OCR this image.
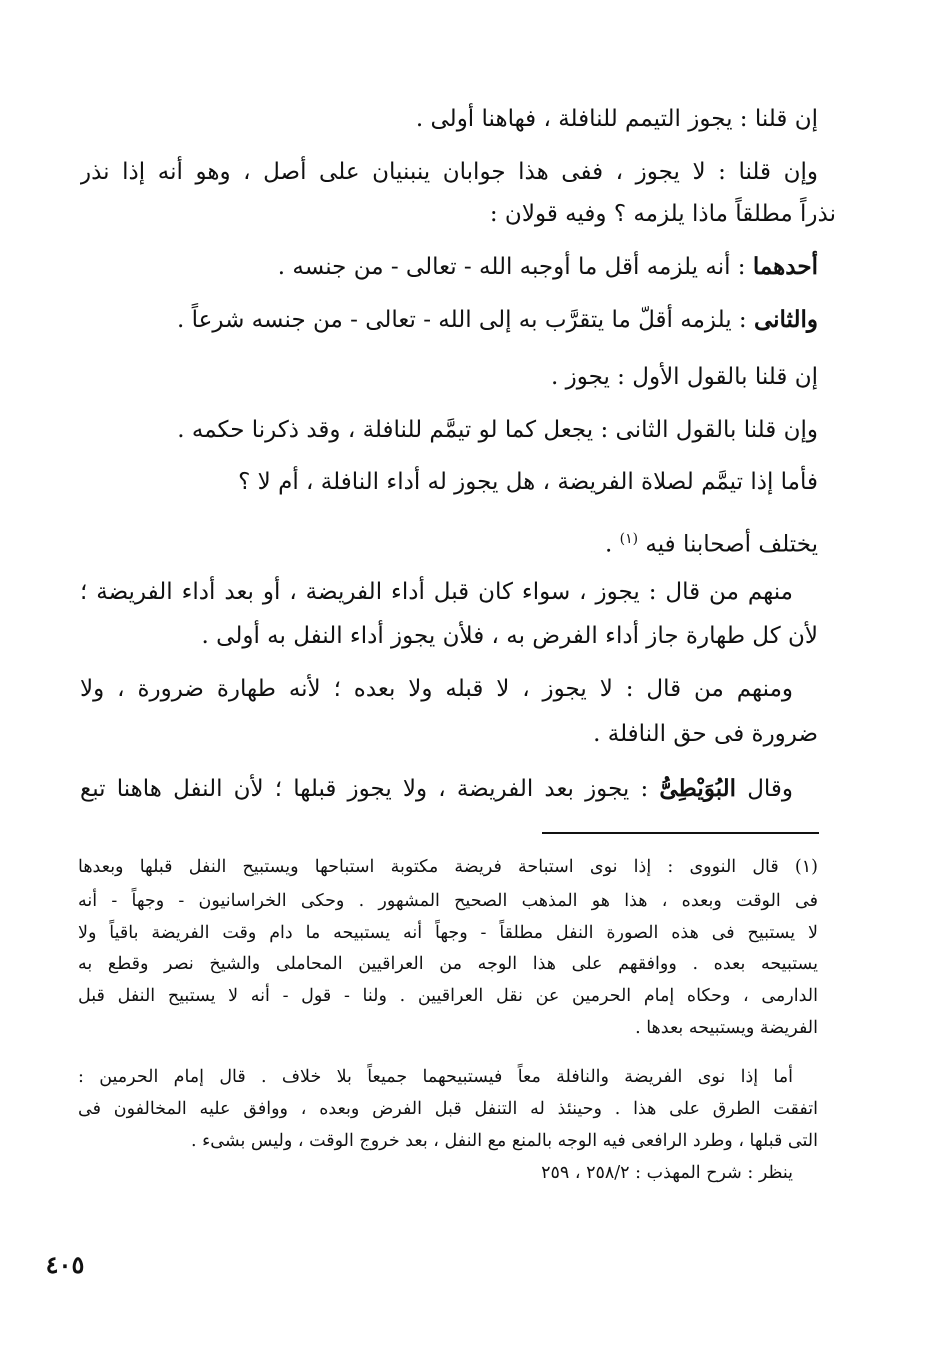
إن قلنا : يجوز التيمم للنافلة ، فهاهنا أولى .
وإن قلنا : لا يجوز ، ففى هذا جوابان ينبنيان على أصل ، وهو أنه إذا نذر
نذراً مطلقاً ماذا يلزمه ؟ وفيه قولان :
أحدهما : أنه يلزمه أقل ما أوجبه الله - تعالى - من جنسه .
والثانى : يلزمه أقلّ ما يتقرَّب به إلى الله - تعالى - من جنسه شرعاً .
إن قلنا بالقول الأول : يجوز .
وإن قلنا بالقول الثانى : يجعل كما لو تيمَّم للنافلة ، وقد ذكرنا حكمه .
فأما إذا تيمَّم لصلاة الفريضة ، هل يجوز له أداء النافلة ، أم لا ؟
يختلف أصحابنا فيه $^{(١)}$ .
منهم من قال : يجوز ، سواء كان قبل أداء الفريضة ، أو بعد أداء الفريضة ؛
لأن كل طهارة جاز أداء الفرض به ، فلأن يجوز أداء النفل به أولى .
ومنهم من قال : لا يجوز ، لا قبله ولا بعده ؛ لأنه طهارة ضرورة ، ولا
ضرورة فى حق النافلة .
وقال البُوَيْطِىُّ : يجوز بعد الفريضة ، ولا يجوز قبلها ؛ لأن النفل هاهنا تبع
(١) قال النووى : إذا نوى استباحة فريضة مكتوبة استباحها ويستبيح النفل قبلها وبعدها
فى الوقت وبعده ، هذا هو المذهب الصحيح المشهور . وحكى الخراسانيون - وجهاً - أنه
لا يستبيح فى هذه الصورة النفل مطلقاً - وجهاً أنه يستبيحه ما دام وقت الفريضة باقياً ولا
يستبيحه بعده . ووافقهم على هذا الوجه من العراقيين المحاملى والشيخ نصر وقطع به
الدارمى ، وحكاه إمام الحرمين عن نقل العراقيين . ولنا - قول - أنه لا يستبيح النفل قبل
الفريضة ويستبيحه بعدها .
أما إذا نوى الفريضة والنافلة معاً فيستبيحهما جميعاً بلا خلاف . قال إمام الحرمين :
اتفقت الطرق على هذا . وحينئذ له التنفل قبل الفرض وبعده ، ووافق عليه المخالفون فى
التى قبلها ، وطرد الرافعى فيه الوجه بالمنع مع النفل ، بعد خروج الوقت ، وليس بشىء .
ينظر : شرح المهذب : ٢٥٨/٢ ، ٢٥٩
٤٠٥
